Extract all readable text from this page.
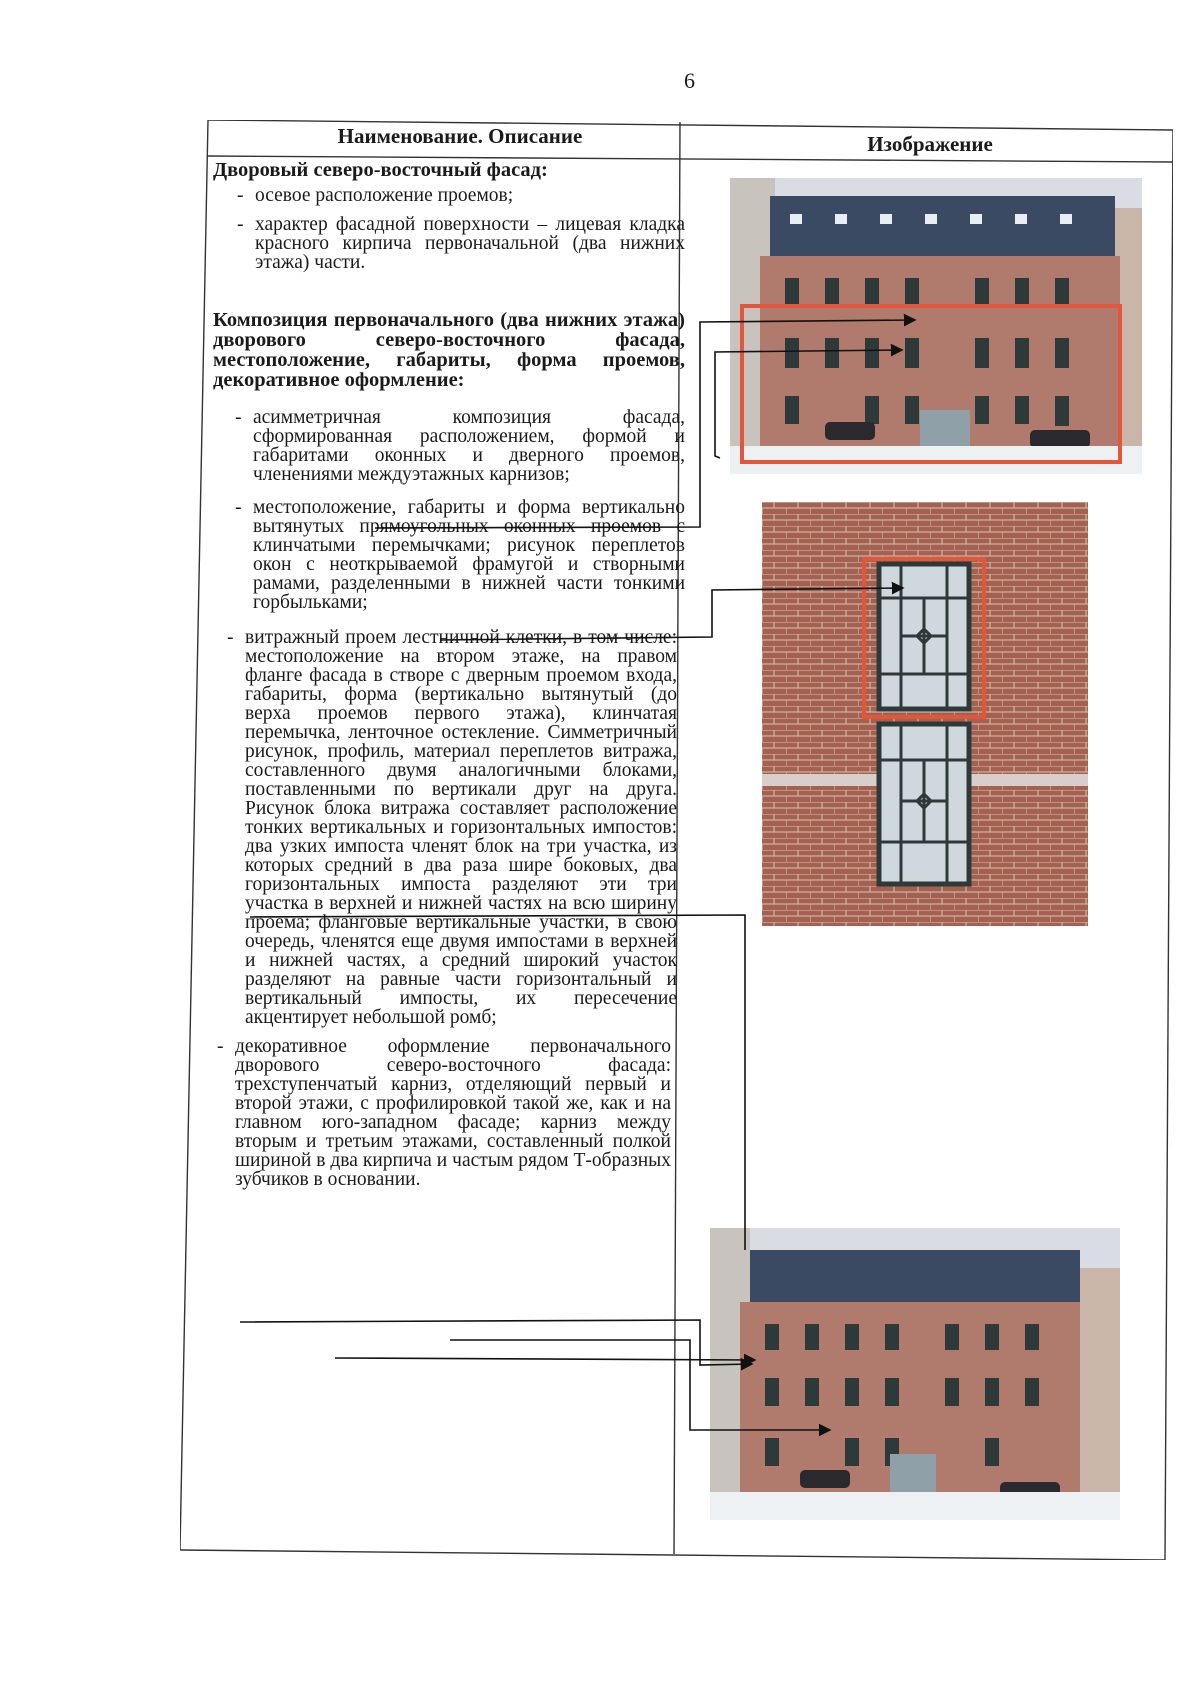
6
Наименование. Описание	Изображение

Дворовый северо-восточный фасад:

- осевое расположение проемов;

- характер фасадной поверхности – лицевая кладка красного кирпича первоначальной (два нижних этажа) части.

Композиция первоначального (два нижних этажа) дворового северо-восточного фасада, местоположение, габариты, форма проемов, декоративное оформление:

- асимметричная композиция фасада, сформированная расположением, формой и габаритами оконных и дверного проемов, членениями междуэтажных карнизов;

- местоположение, габариты и форма вертикально вытянутых прямоугольных оконных проемов с клинчатыми перемычками; рисунок переплетов окон с неоткрываемой фрамугой и створными рамами, разделенными в нижней части тонкими горбыльками;

- витражный проем лестничной клетки, в том числе: местоположение на втором этаже, на правом фланге фасада в створе с дверным проемом входа, габариты, форма (вертикально вытянутый (до верха проемов первого этажа), клинчатая перемычка, ленточное остекление. Симметричный рисунок, профиль, материал переплетов витража, составленного двумя аналогичными блоками, поставленными по вертикали друг на друга. Рисунок блока витража составляет расположение тонких вертикальных и горизонтальных импостов: два узких импоста членят блок на три участка, из которых средний в два раза шире боковых, два горизонтальных импоста разделяют эти три участка в верхней и нижней частях на всю ширину проема; фланговые вертикальные участки, в свою очередь, членятся еще двумя импостами в верхней и нижней частях, а средний широкий участок разделяют на равные части горизонтальный и вертикальный импосты, их пересечение акцентирует небольшой ромб;

- декоративное оформление первоначального дворового северо-восточного фасада: трехступенчатый карниз, отделяющий первый и второй этажи, с профилировкой такой же, как и на главном юго-западном фасаде; карниз между вторым и третьим этажами, составленный полкой шириной в два кирпича и частым рядом Т-образных зубчиков в основании.
